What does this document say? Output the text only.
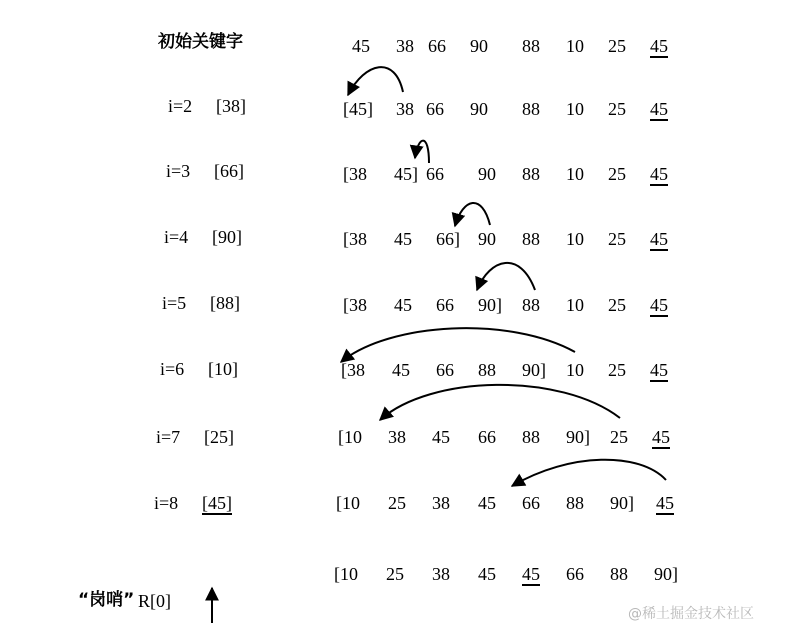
初始关键字	45 38 66 90 88 10 25 45
i=2 [38]	[45] 38 66 90 88 10 25 45
i=3 [66]	[38 45] 66 90 88 10 25 45
i=4 [90]	[38 45 66] 90 88 10 25 45
i=5 [88]	[38 45 66 90] 88 10 25 45
i=6 [10]	[38 45 66 88 90] 10 25 45
i=7 [25]	[10 38 45 66 88 90] 25 45
i=8 [45]	[10 25 38 45 66 88 90] 45
[10 25 38 45 45 66 88 90]
“岗哨” R[0]
@稀土掘金技术社区
